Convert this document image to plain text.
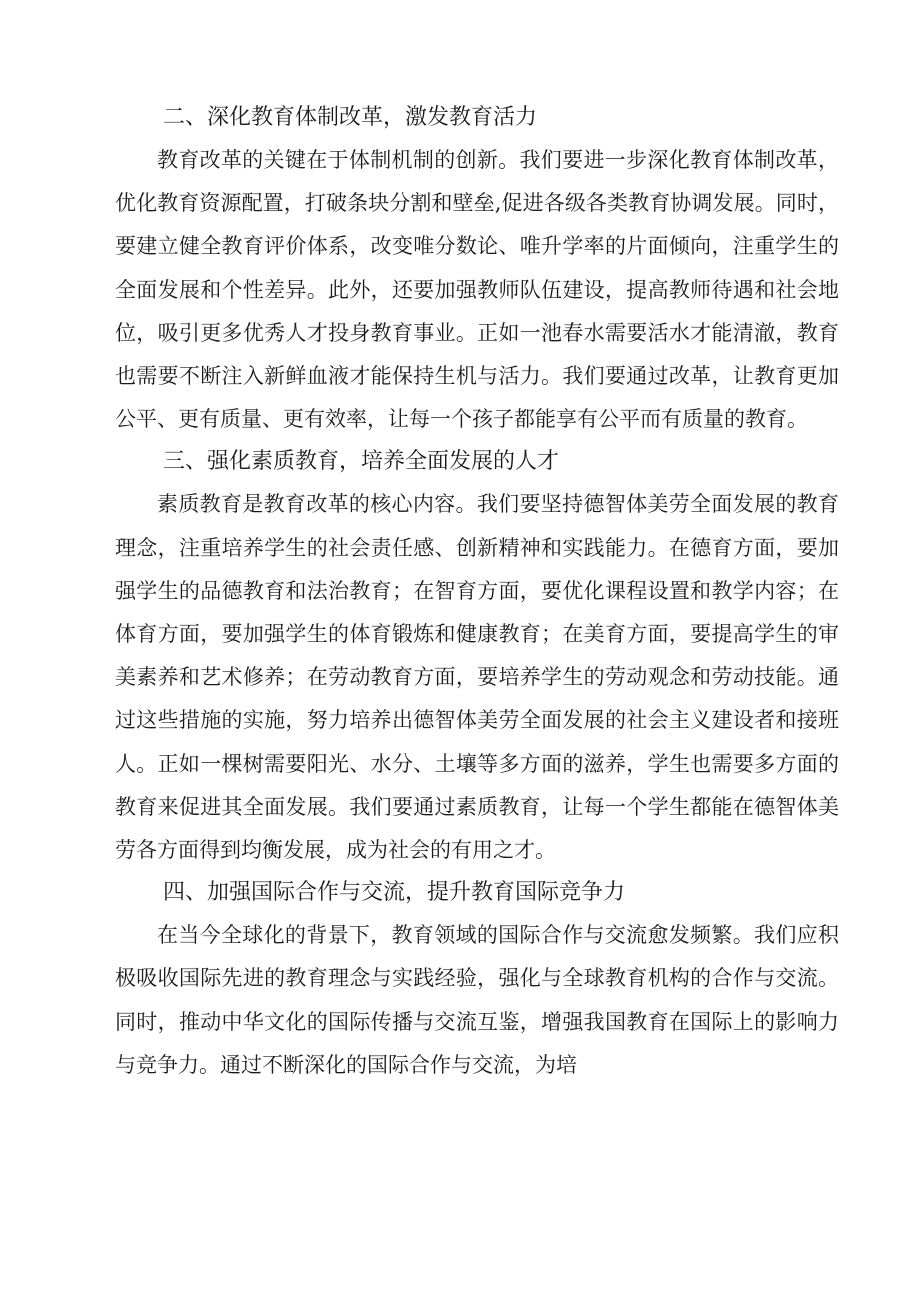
二、深化教育体制改革，激发教育活力

教育改革的关键在于体制机制的创新。我们要进一步深化教育体制改革，优化教育资源配置，打破条块分割和壁垒,促进各级各类教育协调发展。同时，要建立健全教育评价体系，改变唯分数论、唯升学率的片面倾向，注重学生的全面发展和个性差异。此外，还要加强教师队伍建设，提高教师待遇和社会地位，吸引更多优秀人才投身教育事业。正如一池春水需要活水才能清澈，教育也需要不断注入新鲜血液才能保持生机与活力。我们要通过改革，让教育更加公平、更有质量、更有效率，让每一个孩子都能享有公平而有质量的教育。

三、强化素质教育，培养全面发展的人才

素质教育是教育改革的核心内容。我们要坚持德智体美劳全面发展的教育理念，注重培养学生的社会责任感、创新精神和实践能力。在德育方面，要加强学生的品德教育和法治教育；在智育方面，要优化课程设置和教学内容；在体育方面，要加强学生的体育锻炼和健康教育；在美育方面，要提高学生的审美素养和艺术修养；在劳动教育方面，要培养学生的劳动观念和劳动技能。通过这些措施的实施，努力培养出德智体美劳全面发展的社会主义建设者和接班人。正如一棵树需要阳光、水分、土壤等多方面的滋养，学生也需要多方面的教育来促进其全面发展。我们要通过素质教育，让每一个学生都能在德智体美劳各方面得到均衡发展，成为社会的有用之才。

四、加强国际合作与交流，提升教育国际竞争力

在当今全球化的背景下，教育领域的国际合作与交流愈发频繁。我们应积极吸收国际先进的教育理念与实践经验，强化与全球教育机构的合作与交流。同时，推动中华文化的国际传播与交流互鉴，增强我国教育在国际上的影响力与竞争力。通过不断深化的国际合作与交流，为培
